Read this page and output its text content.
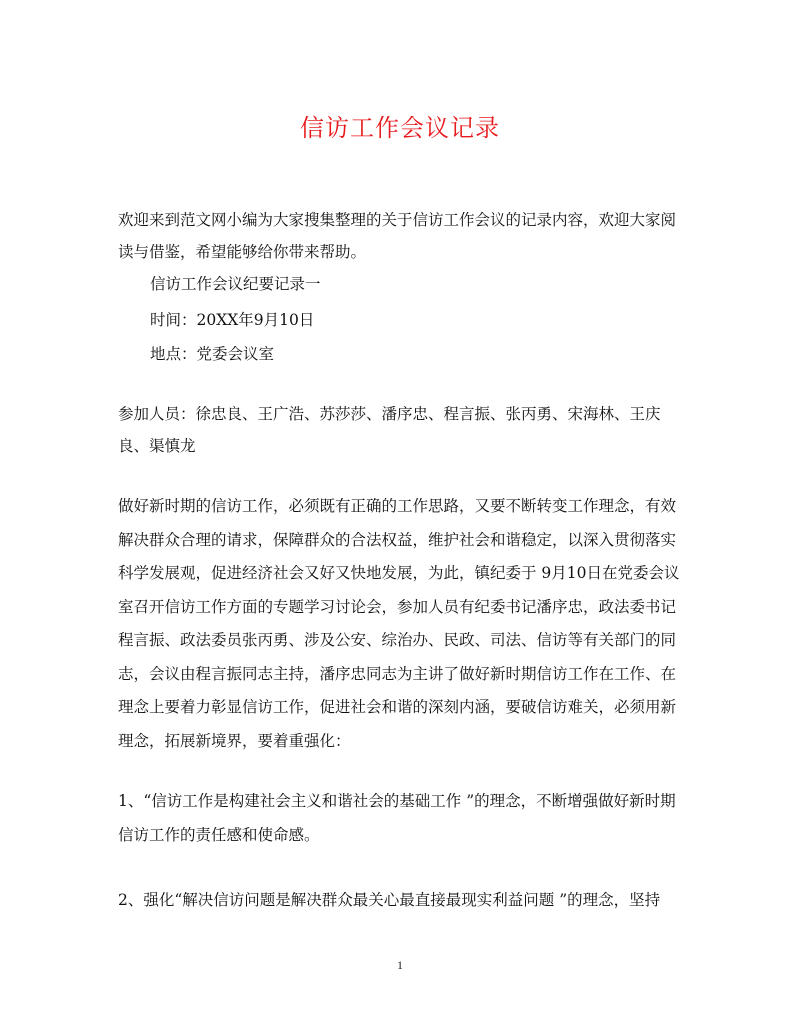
信访工作会议记录

欢迎来到范文网小编为大家搜集整理的关于信访工作会议的记录内容，欢迎大家阅读与借鉴，希望能够给你带来帮助。

信访工作会议纪要记录一

时间：20XX年9月10日

地点：党委会议室

参加人员：徐忠良、王广浩、苏莎莎、潘序忠、程言振、张丙勇、宋海林、王庆良、渠慎龙

做好新时期的信访工作，必须既有正确的工作思路，又要不断转变工作理念，有效解决群众合理的请求，保障群众的合法权益，维护社会和谐稳定，以深入贯彻落实科学发展观，促进经济社会又好又快地发展，为此，镇纪委于 9月10日在党委会议室召开信访工作方面的专题学习讨论会，参加人员有纪委书记潘序忠，政法委书记程言振、政法委员张丙勇、涉及公安、综治办、民政、司法、信访等有关部门的同志，会议由程言振同志主持，潘序忠同志为主讲了做好新时期信访工作在工作、在理念上要着力彰显信访工作，促进社会和谐的深刻内涵，要破信访难关，必须用新理念，拓展新境界，要着重强化：

1、“信访工作是构建社会主义和谐社会的基础工作 ”的理念，不断增强做好新时期信访工作的责任感和使命感。

2、强化“解决信访问题是解决群众最关心最直接最现实利益问题 ”的理念，坚持

1
